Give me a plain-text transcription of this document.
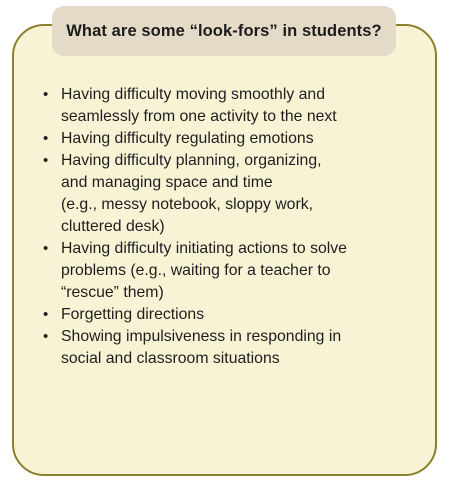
What are some “look-fors” in students?
• Having difficulty moving smoothly and
seamlessly from one activity to the next
• Having difficulty regulating emotions
• Having difficulty planning, organizing,
and managing space and time
(e.g., messy notebook, sloppy work,
cluttered desk)
• Having difficulty initiating actions to solve
problems (e.g., waiting for a teacher to
“rescue” them)
• Forgetting directions
• Showing impulsiveness in responding in
social and classroom situations
